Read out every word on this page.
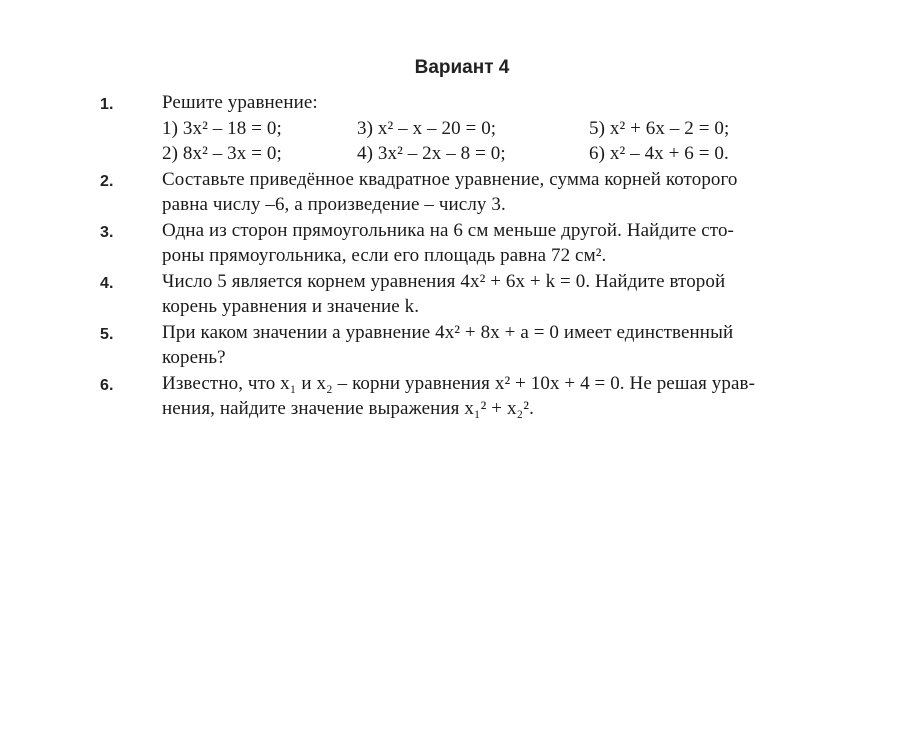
Вариант 4
1.	Решите уравнение:
1) 3x² – 18 = 0;	3) x² – x – 20 = 0;	5) x² + 6x – 2 = 0;
2) 8x² – 3x = 0;	4) 3x² – 2x – 8 = 0;	6) x² – 4x + 6 = 0.
2.	Составьте приведённое квадратное уравнение, сумма корней которого
равна числу –6, а произведение – числу 3.
3.	Одна из сторон прямоугольника на 6 см меньше другой. Найдите сто-
роны прямоугольника, если его площадь равна 72 см².
4.	Число 5 является корнем уравнения 4x² + 6x + k = 0. Найдите второй
корень уравнения и значение k.
5.	При каком значении a уравнение 4x² + 8x + a = 0 имеет единственный
корень?
6.	Известно, что x₁ и x₂ – корни уравнения x² + 10x + 4 = 0. Не решая урав-
нения, найдите значение выражения x₁² + x₂².
